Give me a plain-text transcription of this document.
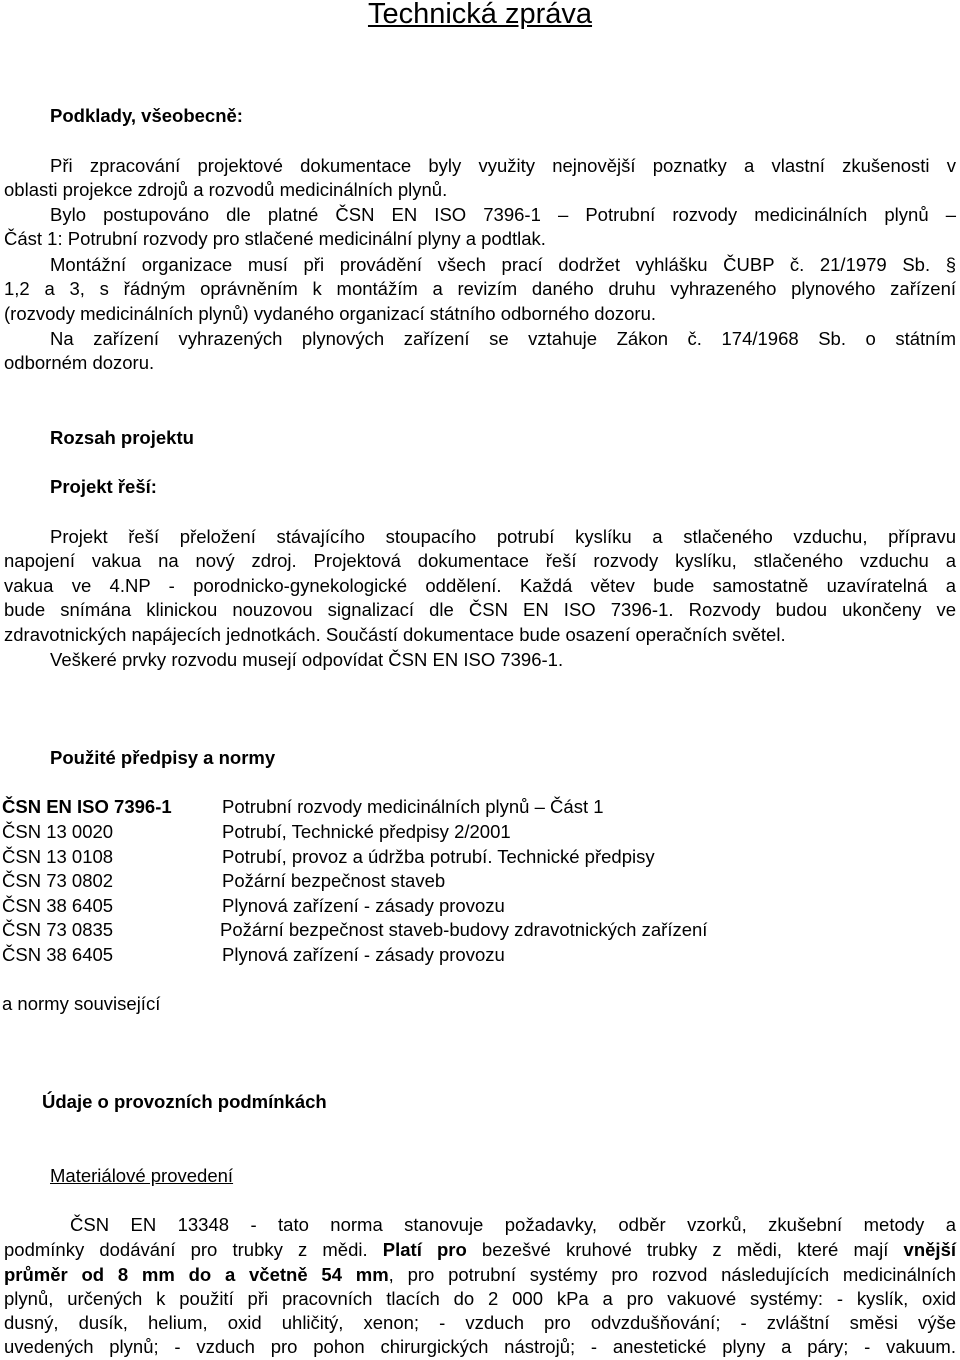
Technická zpráva
Podklady, všeobecně:
Při zpracování projektové dokumentace byly využity nejnovější poznatky a vlastní zkušenosti v
oblasti projekce zdrojů a rozvodů medicinálních plynů.
Bylo postupováno dle platné ČSN EN ISO 7396-1 – Potrubní rozvody medicinálních plynů –
Část 1: Potrubní rozvody pro stlačené medicinální plyny a podtlak.
Montážní organizace musí při provádění všech prací dodržet vyhlášku ČUBP č. 21/1979 Sb. §
1,2 a 3, s řádným oprávněním k montážím a revizím daného druhu vyhrazeného plynového zařízení
(rozvody medicinálních plynů) vydaného organizací státního odborného dozoru.
Na zařízení vyhrazených plynových zařízení se vztahuje Zákon č. 174/1968 Sb. o státním
odborném dozoru.
Rozsah projektu
Projekt řeší:
Projekt řeší přeložení stávajícího stoupacího potrubí kyslíku a stlačeného vzduchu, přípravu
napojení vakua na nový zdroj. Projektová dokumentace řeší rozvody kyslíku, stlačeného vzduchu a
vakua ve 4.NP - porodnicko-gynekologické oddělení. Každá větev bude samostatně uzavíratelná a
bude snímána klinickou nouzovou signalizací dle ČSN EN ISO 7396-1. Rozvody budou ukončeny ve
zdravotnických napájecích jednotkách. Součástí dokumentace bude osazení operačních světel.
Veškeré prvky rozvodu musejí odpovídat ČSN EN ISO 7396-1.
Použité předpisy a normy
ČSN EN ISO 7396-1	Potrubní rozvody medicinálních plynů – Část 1
ČSN 13 0020	Potrubí, Technické předpisy 2/2001
ČSN 13 0108	Potrubí, provoz a údržba potrubí. Technické předpisy
ČSN 73 0802	Požární bezpečnost staveb
ČSN 38 6405	Plynová zařízení - zásady provozu
ČSN 73 0835	Požární bezpečnost staveb-budovy zdravotnických zařízení
ČSN 38 6405	Plynová zařízení - zásady provozu
a normy související
Údaje o provozních podmínkách
Materiálové provedení
ČSN EN 13348 - tato norma stanovuje požadavky, odběr vzorků, zkušební metody a
podmínky dodávání pro trubky z mědi. Platí pro bezešvé kruhové trubky z mědi, které mají vnější
průměr od 8 mm do a včetně 54 mm, pro potrubní systémy pro rozvod následujících medicinálních
plynů, určených k použití při pracovních tlacích do 2 000 kPa a pro vakuové systémy: - kyslík, oxid
dusný, dusík, helium, oxid uhličitý, xenon; - vzduch pro odvzdušňování; - zvláštní směsi výše
uvedených plynů; - vzduch pro pohon chirurgických nástrojů; - anestetické plyny a páry; - vakuum.
